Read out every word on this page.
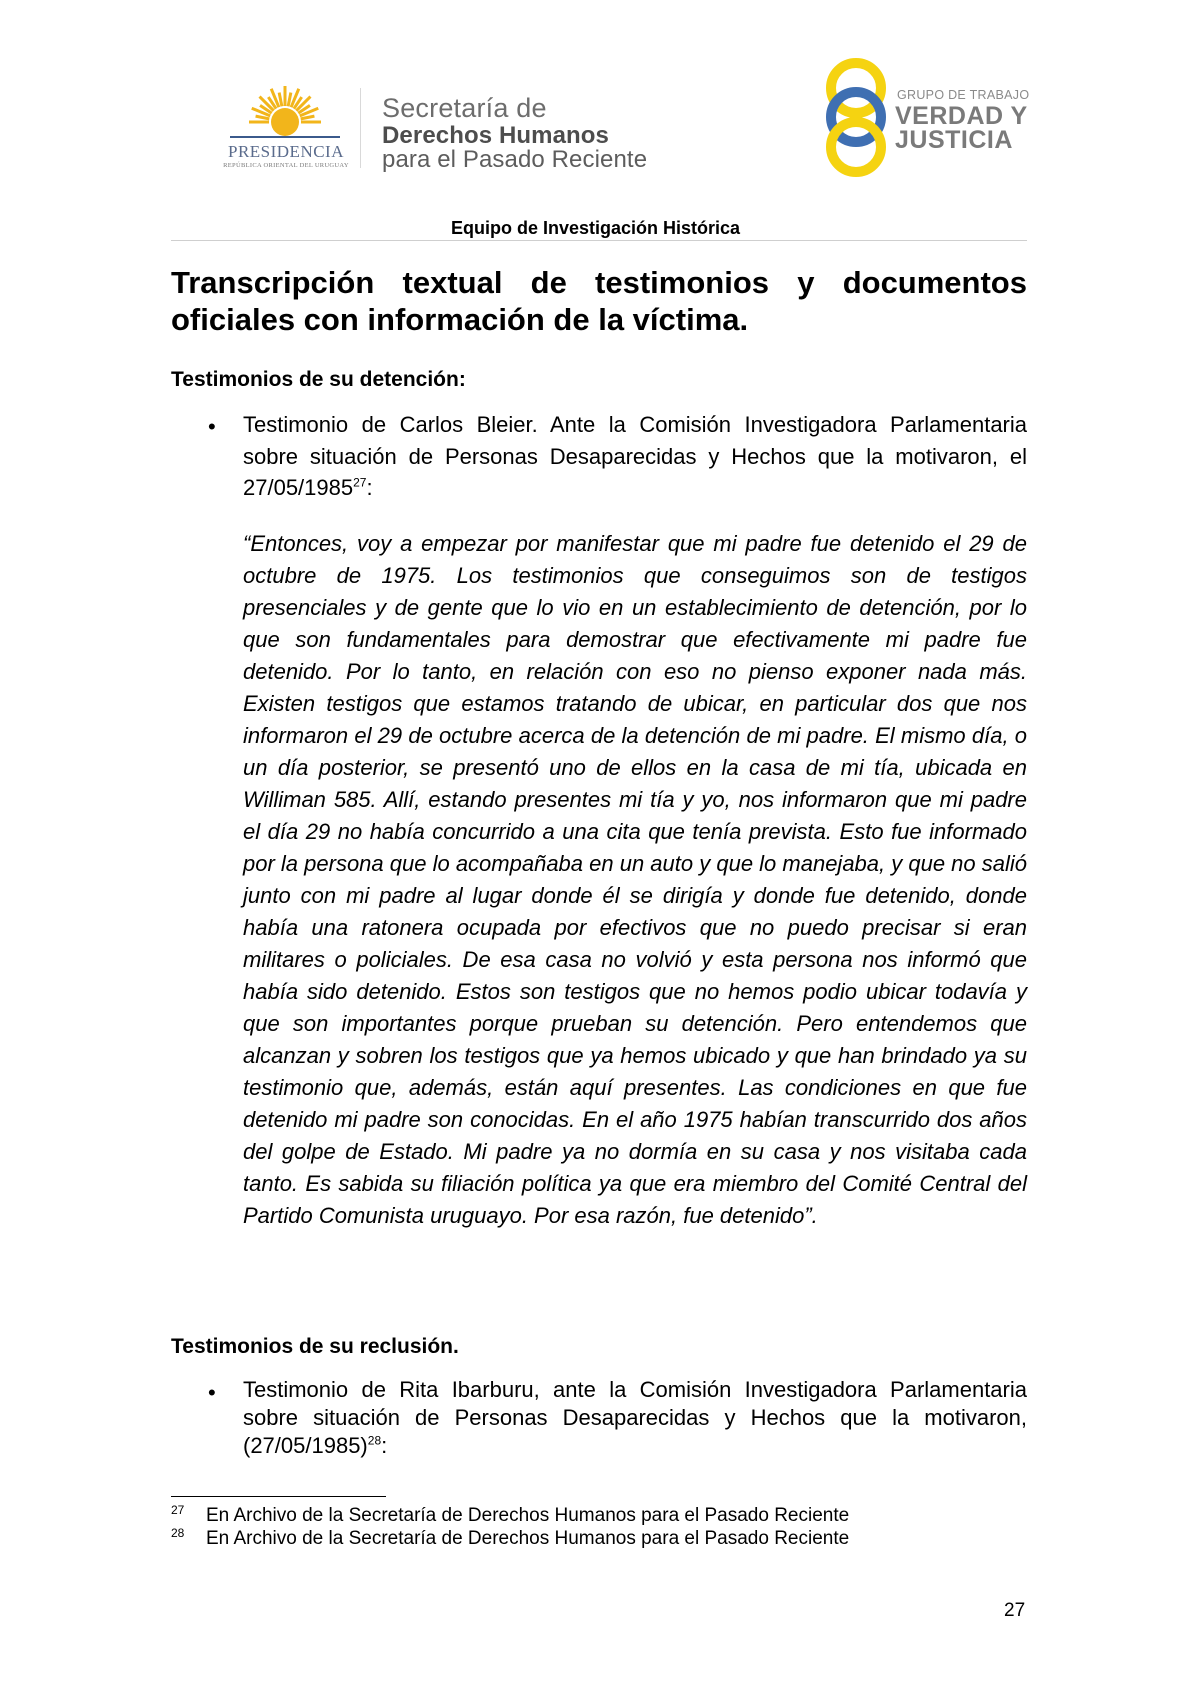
PRESIDENCIA
REPÚBLICA ORIENTAL DEL URUGUAY
Secretaría de
Derechos Humanos
para el Pasado Reciente
GRUPO DE TRABAJO
VERDAD Y
JUSTICIA
Equipo de Investigación Histórica
Transcripción textual de testimonios y documentos oficiales con información de la víctima.
Testimonios de su detención:
• Testimonio de Carlos Bleier. Ante la Comisión Investigadora Parlamentaria sobre situación de Personas Desaparecidas y Hechos que la motivaron, el 27/05/1985$^{27}$:
“Entonces, voy a empezar por manifestar que mi padre fue detenido el 29 de octubre de 1975. Los testimonios que conseguimos son de testigos presenciales y de gente que lo vio en un establecimiento de detención, por lo que son fundamentales para demostrar que efectivamente mi padre fue detenido. Por lo tanto, en relación con eso no pienso exponer nada más. Existen testigos que estamos tratando de ubicar, en particular dos que nos informaron el 29 de octubre acerca de la detención de mi padre. El mismo día, o un día posterior, se presentó uno de ellos en la casa de mi tía, ubicada en Williman 585. Allí, estando presentes mi tía y yo, nos informaron que mi padre el día 29 no había concurrido a una cita que tenía prevista. Esto fue informado por la persona que lo acompañaba en un auto y que lo manejaba, y que no salió junto con mi padre al lugar donde él se dirigía y donde fue detenido, donde había una ratonera ocupada por efectivos que no puedo precisar si eran militares o policiales. De esa casa no volvió y esta persona nos informó que había sido detenido. Estos son testigos que no hemos podio ubicar todavía y que son importantes porque prueban su detención. Pero entendemos que alcanzan y sobren los testigos que ya hemos ubicado y que han brindado ya su testimonio que, además, están aquí presentes. Las condiciones en que fue detenido mi padre son conocidas. En el año 1975 habían transcurrido dos años del golpe de Estado. Mi padre ya no dormía en su casa y nos visitaba cada tanto. Es sabida su filiación política ya que era miembro del Comité Central del Partido Comunista uruguayo. Por esa razón, fue detenido”.
Testimonios de su reclusión.
• Testimonio de Rita Ibarburu, ante la Comisión Investigadora Parlamentaria sobre situación de Personas Desaparecidas y Hechos que la motivaron, $(27/05/1985)^{28}$:
27 En Archivo de la Secretaría de Derechos Humanos para el Pasado Reciente
28 En Archivo de la Secretaría de Derechos Humanos para el Pasado Reciente
27
